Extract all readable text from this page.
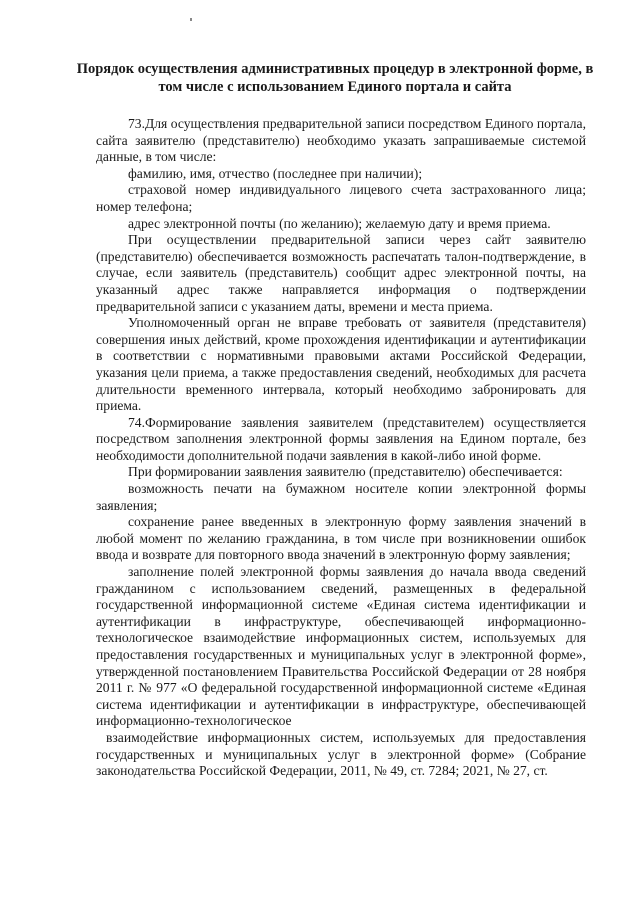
Порядок осуществления административных процедур в электронной форме, в том числе с использованием Единого портала и сайта

73.Для осуществления предварительной записи посредством Единого портала, сайта заявителю (представителю) необходимо указать запрашиваемые системой данные, в том числе:

фамилию, имя, отчество (последнее при наличии);

страховой номер индивидуального лицевого счета застрахованного лица; номер телефона;

адрес электронной почты (по желанию); желаемую дату и время приема.

При осуществлении предварительной записи через сайт заявителю (представителю) обеспечивается возможность распечатать талон-подтверждение, в случае, если заявитель (представитель) сообщит адрес электронной почты, на указанный адрес также направляется информация о подтверждении предварительной записи с указанием даты, времени и места приема.

Уполномоченный орган не вправе требовать от заявителя (представителя) совершения иных действий, кроме прохождения идентификации и аутентификации в соответствии с нормативными правовыми актами Российской Федерации, указания цели приема, а также предоставления сведений, необходимых для расчета длительности временного интервала, который необходимо забронировать для приема.

74.Формирование заявления заявителем (представителем) осуществляется посредством заполнения электронной формы заявления на Едином портале, без необходимости дополнительной подачи заявления в какой-либо иной форме.

При формировании заявления заявителю (представителю) обеспечивается:

возможность печати на бумажном носителе копии электронной формы заявления;

сохранение ранее введенных в электронную форму заявления значений в любой момент по желанию гражданина, в том числе при возникновении ошибок ввода и возврате для повторного ввода значений в электронную форму заявления;

заполнение полей электронной формы заявления до начала ввода сведений гражданином с использованием сведений, размещенных в федеральной государственной информационной системе «Единая система идентификации и аутентификации в инфраструктуре, обеспечивающей информационно- технологическое взаимодействие информационных систем, используемых для предоставления государственных и муниципальных услуг в электронной форме», утвержденной постановлением Правительства Российской Федерации от 28 ноября 2011 г. № 977 «О федеральной государственной информационной системе «Единая система идентификации и аутентификации в инфраструктуре, обеспечивающей информационно-технологическое

взаимодействие информационных систем, используемых для предоставления государственных и муниципальных услуг в электронной форме» (Собрание законодательства Российской Федерации, 2011, № 49, ст. 7284; 2021, № 27, ст.
